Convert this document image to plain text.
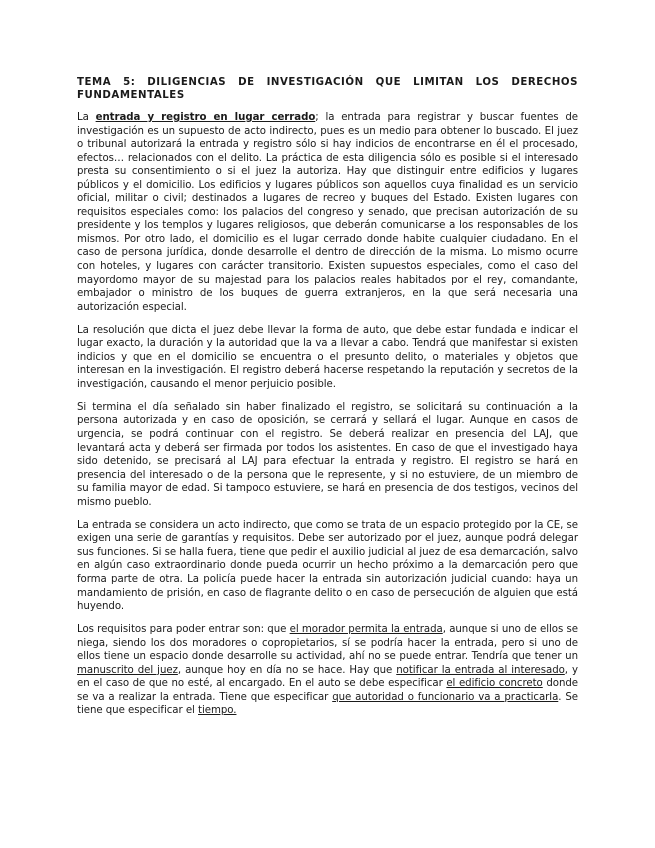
TEMA 5: DILIGENCIAS DE INVESTIGACIÓN QUE LIMITAN LOS DERECHOS FUNDAMENTALES

La entrada y registro en lugar cerrado; la entrada para registrar y buscar fuentes de investigación es un supuesto de acto indirecto, pues es un medio para obtener lo buscado. El juez o tribunal autorizará la entrada y registro sólo si hay indicios de encontrarse en él el procesado, efectos… relacionados con el delito. La práctica de esta diligencia sólo es posible si el interesado presta su consentimiento o si el juez la autoriza. Hay que distinguir entre edificios y lugares públicos y el domicilio. Los edificios y lugares públicos son aquellos cuya finalidad es un servicio oficial, militar o civil; destinados a lugares de recreo y buques del Estado. Existen lugares con requisitos especiales como: los palacios del congreso y senado, que precisan autorización de su presidente y los templos y lugares religiosos, que deberán comunicarse a los responsables de los mismos. Por otro lado, el domicilio es el lugar cerrado donde habite cualquier ciudadano. En el caso de persona jurídica, donde desarrolle el dentro de dirección de la misma. Lo mismo ocurre con hoteles, y lugares con carácter transitorio. Existen supuestos especiales, como el caso del mayordomo mayor de su majestad para los palacios reales habitados por el rey, comandante, embajador o ministro de los buques de guerra extranjeros, en la que será necesaria una autorización especial.

La resolución que dicta el juez debe llevar la forma de auto, que debe estar fundada e indicar el lugar exacto, la duración y la autoridad que la va a llevar a cabo. Tendrá que manifestar si existen indicios y que en el domicilio se encuentra o el presunto delito, o materiales y objetos que interesan en la investigación. El registro deberá hacerse respetando la reputación y secretos de la investigación, causando el menor perjuicio posible.

Si termina el día señalado sin haber finalizado el registro, se solicitará su continuación a la persona autorizada y en caso de oposición, se cerrará y sellará el lugar. Aunque en casos de urgencia, se podrá continuar con el registro. Se deberá realizar en presencia del LAJ, que levantará acta y deberá ser firmada por todos los asistentes. En caso de que el investigado haya sido detenido, se precisará al LAJ para efectuar la entrada y registro. El registro se hará en presencia del interesado o de la persona que le represente, y si no estuviere, de un miembro de su familia mayor de edad. Si tampoco estuviere, se hará en presencia de dos testigos, vecinos del mismo pueblo.

La entrada se considera un acto indirecto, que como se trata de un espacio protegido por la CE, se exigen una serie de garantías y requisitos. Debe ser autorizado por el juez, aunque podrá delegar sus funciones. Si se halla fuera, tiene que pedir el auxilio judicial al juez de esa demarcación, salvo en algún caso extraordinario donde pueda ocurrir un hecho próximo a la demarcación pero que forma parte de otra. La policía puede hacer la entrada sin autorización judicial cuando: haya un mandamiento de prisión, en caso de flagrante delito o en caso de persecución de alguien que está huyendo.

Los requisitos para poder entrar son: que el morador permita la entrada, aunque si uno de ellos se niega, siendo los dos moradores o copropietarios, sí se podría hacer la entrada, pero si uno de ellos tiene un espacio donde desarrolle su actividad, ahí no se puede entrar. Tendría que tener un manuscrito del juez, aunque hoy en día no se hace. Hay que notificar la entrada al interesado, y en el caso de que no esté, al encargado. En el auto se debe especificar el edificio concreto donde se va a realizar la entrada. Tiene que especificar que autoridad o funcionario va a practicarla. Se tiene que especificar el tiempo.
